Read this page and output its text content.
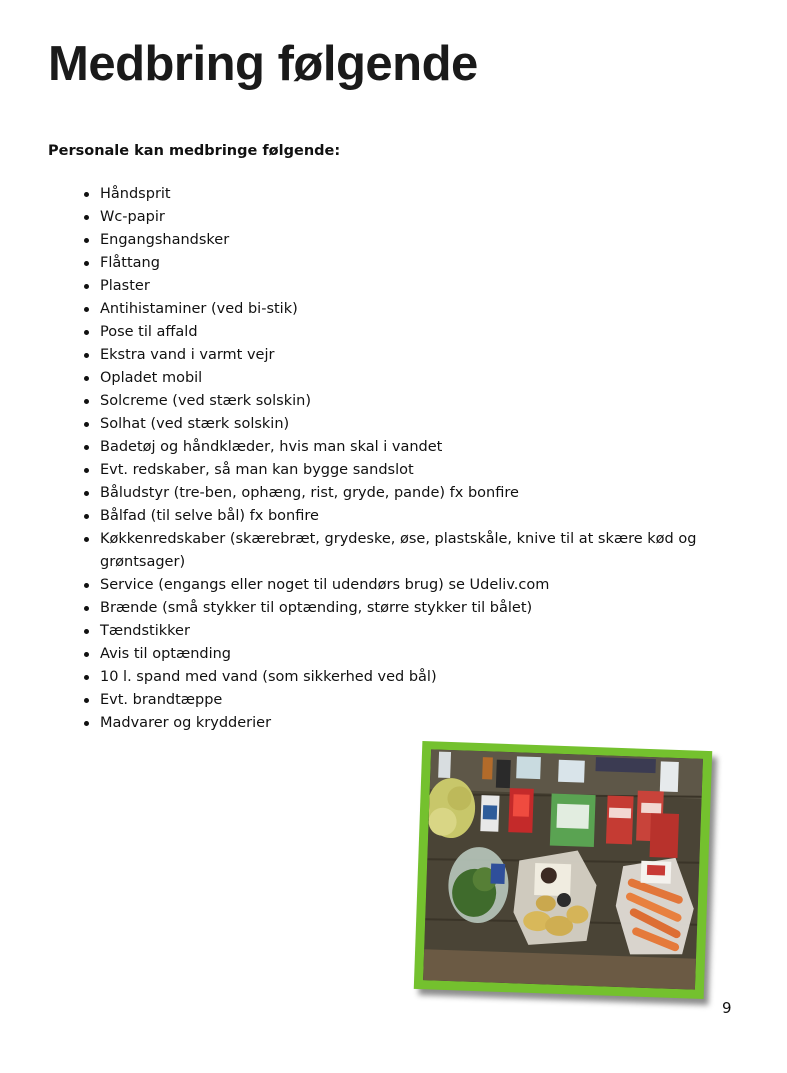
Medbring følgende

Personale kan medbringe følgende:

Håndsprit
Wc-papir
Engangshandsker
Flåttang
Plaster
Antihistaminer (ved bi-stik)
Pose til affald
Ekstra vand i varmt vejr
Opladet mobil
Solcreme (ved stærk solskin)
Solhat (ved stærk solskin)
Badetøj og håndklæder, hvis man skal i vandet
Evt. redskaber, så man kan bygge sandslot
Båludstyr (tre-ben, ophæng, rist, gryde, pande) fx bonfire
Bålfad (til selve bål) fx bonfire
Køkkenredskaber (skærebræt, grydeske, øse, plastskåle, knive til at skære kød og grøntsager)
Service (engangs eller noget til udendørs brug) se Udeliv.com
Brænde (små stykker til optænding, større stykker til bålet)
Tændstikker
Avis til optænding
10 l. spand med vand (som sikkerhed ved bål)
Evt. brandtæppe
Madvarer og krydderier
9
